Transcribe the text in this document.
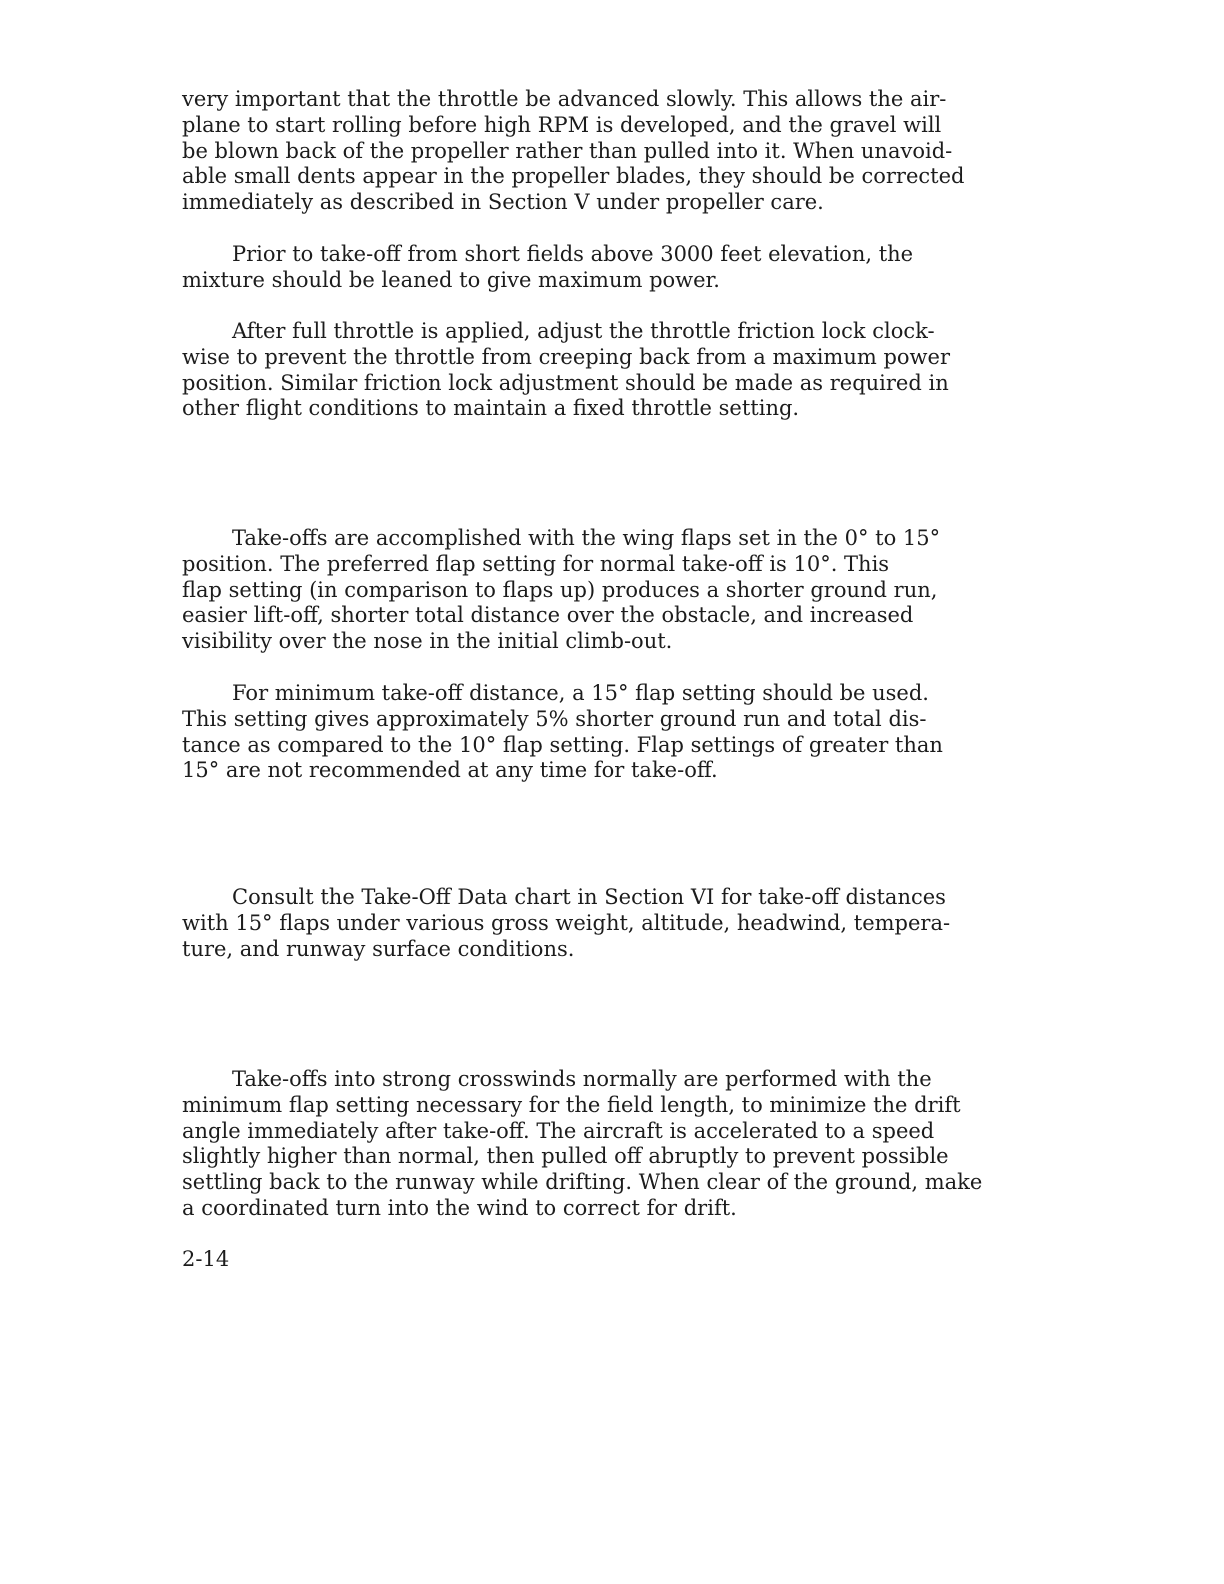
very important that the throttle be advanced slowly. This allows the air-
plane to start rolling before high RPM is developed, and the gravel will
be blown back of the propeller rather than pulled into it. When unavoid-
able small dents appear in the propeller blades, they should be corrected
immediately as described in Section V under propeller care.

Prior to take-off from short fields above 3000 feet elevation, the
mixture should be leaned to give maximum power.

After full throttle is applied, adjust the throttle friction lock clock-
wise to prevent the throttle from creeping back from a maximum power
position. Similar friction lock adjustment should be made as required in
other flight conditions to maintain a fixed throttle setting.

Take-offs are accomplished with the wing flaps set in the 0° to 15°
position. The preferred flap setting for normal take-off is 10°. This
flap setting (in comparison to flaps up) produces a shorter ground run,
easier lift-off, shorter total distance over the obstacle, and increased
visibility over the nose in the initial climb-out.

For minimum take-off distance, a 15° flap setting should be used.
This setting gives approximately 5% shorter ground run and total dis-
tance as compared to the 10° flap setting. Flap settings of greater than
15° are not recommended at any time for take-off.

Consult the Take-Off Data chart in Section VI for take-off distances
with 15° flaps under various gross weight, altitude, headwind, tempera-
ture, and runway surface conditions.

Take-offs into strong crosswinds normally are performed with the
minimum flap setting necessary for the field length, to minimize the drift
angle immediately after take-off. The aircraft is accelerated to a speed
slightly higher than normal, then pulled off abruptly to prevent possible
settling back to the runway while drifting. When clear of the ground, make
a coordinated turn into the wind to correct for drift.

2-14
